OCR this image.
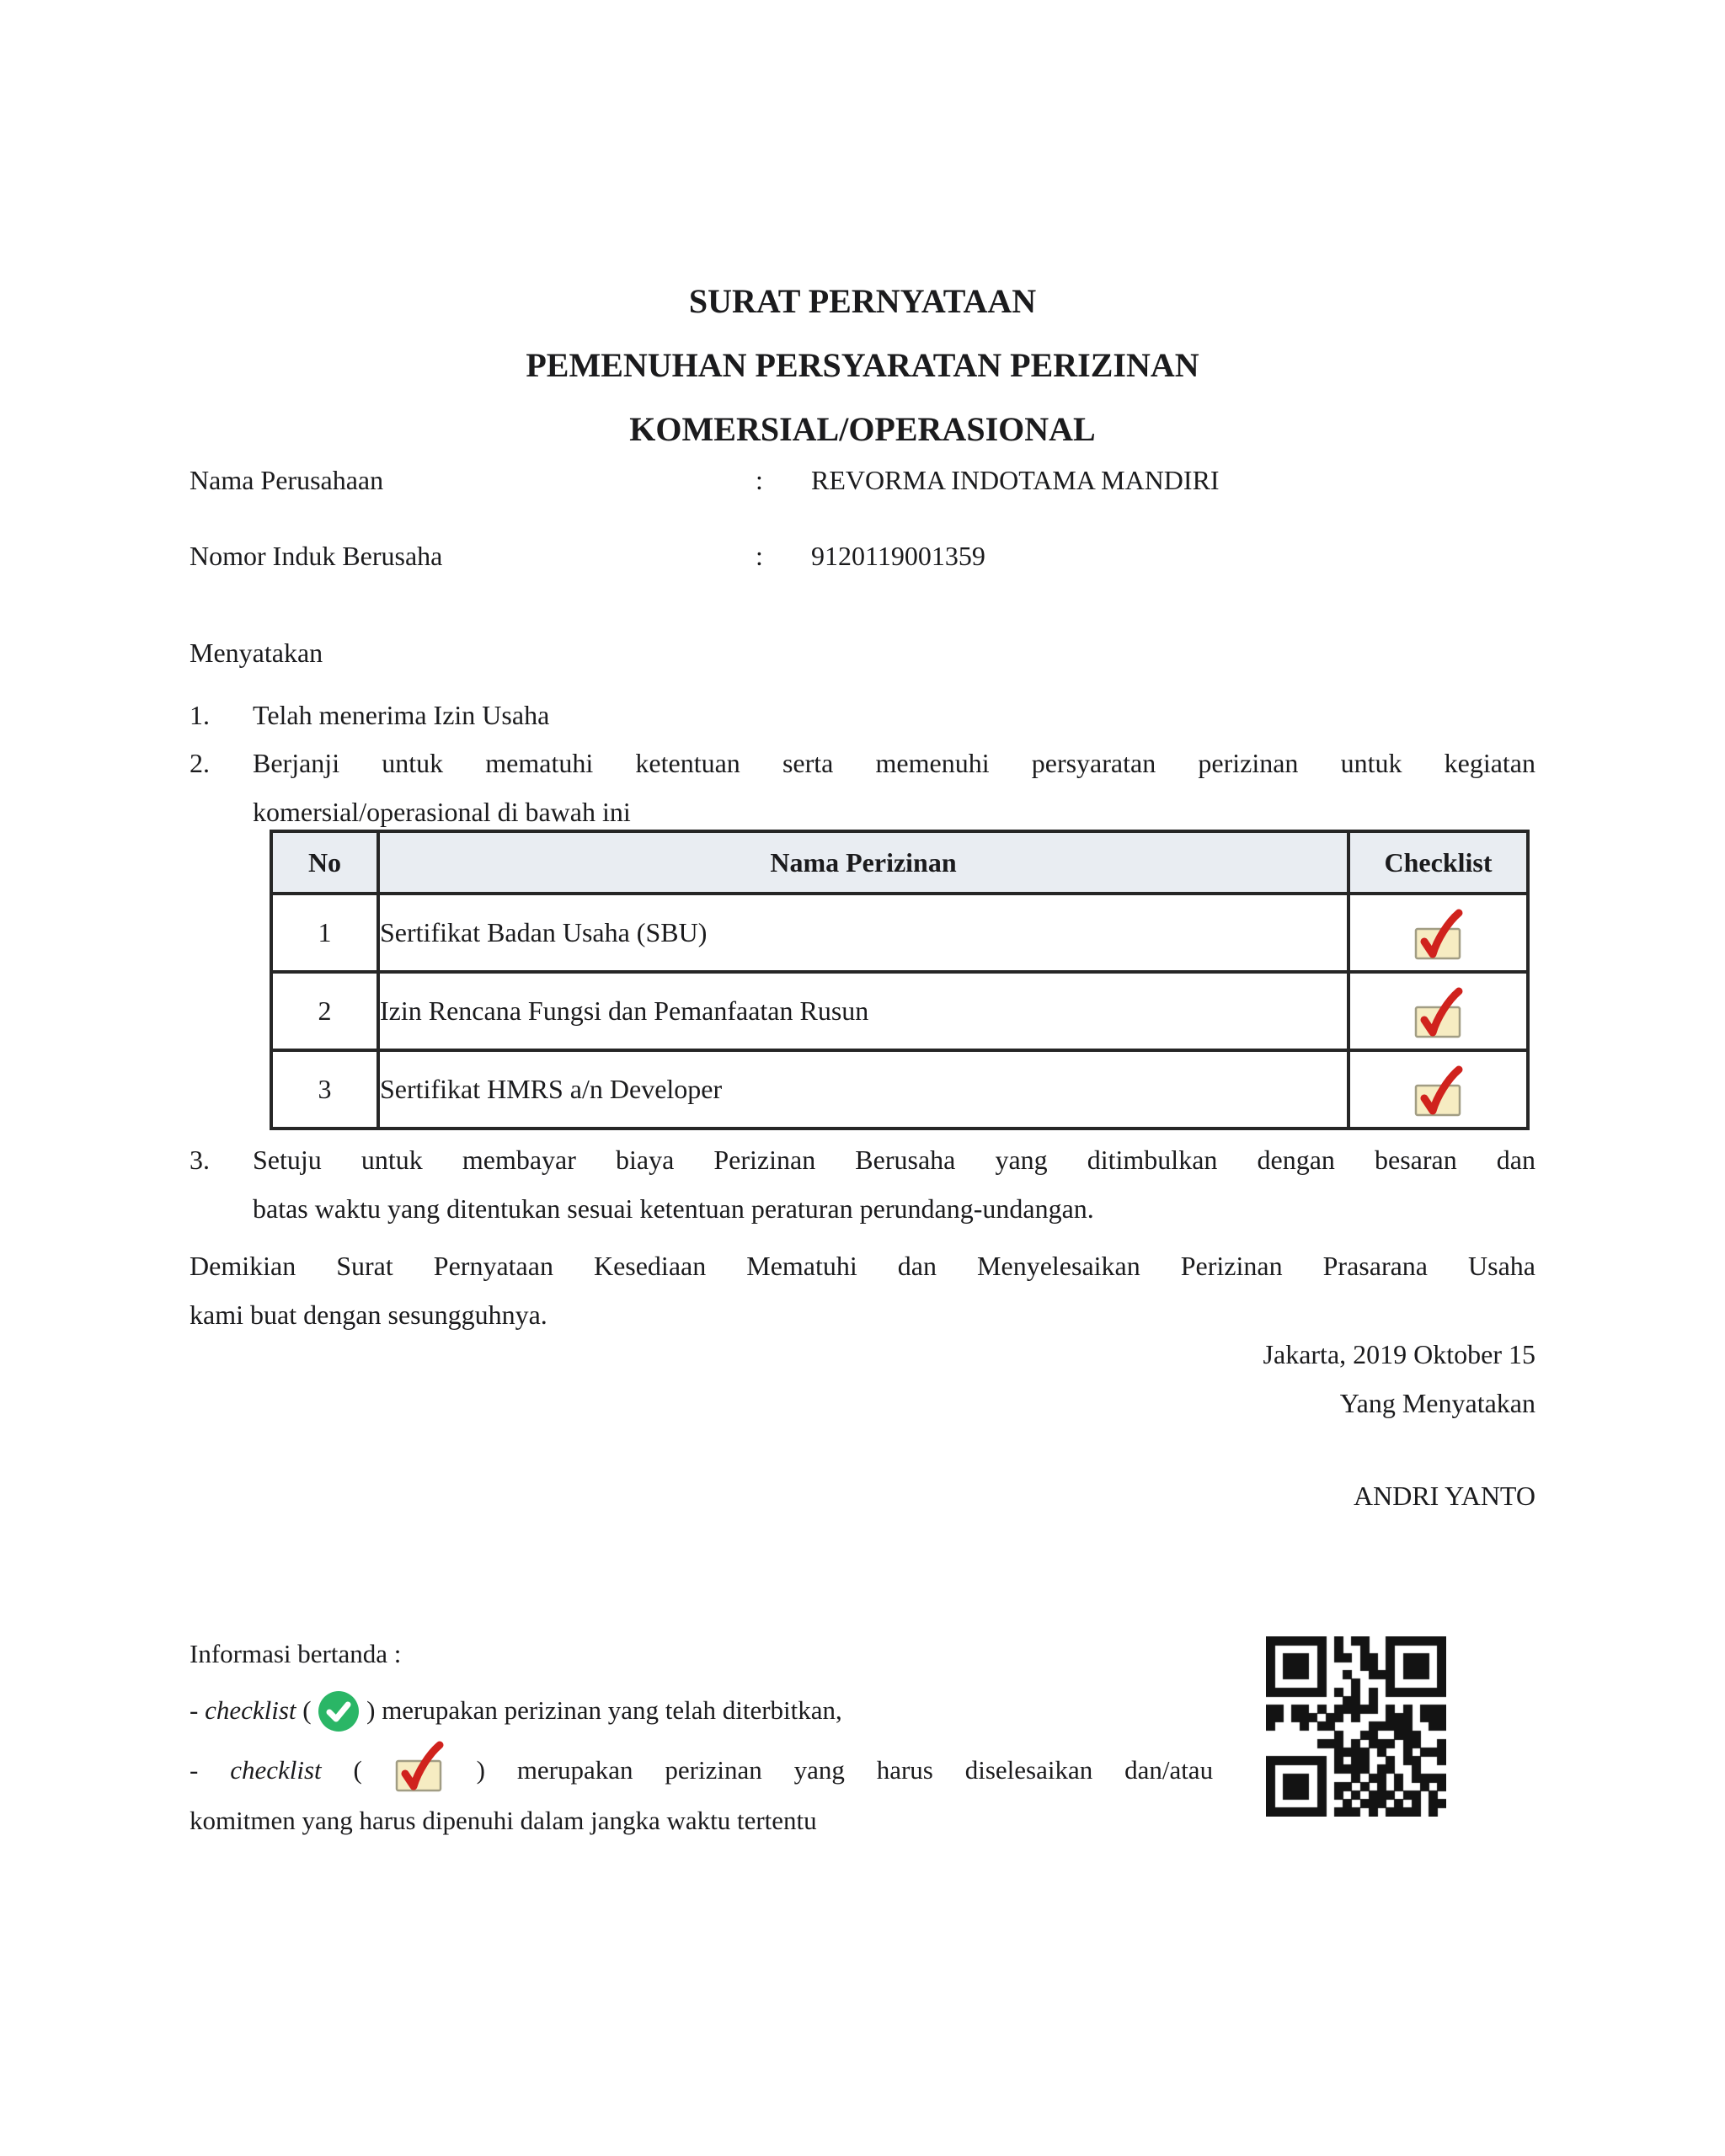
SURAT PERNYATAAN
PEMENUHAN PERSYARATAN PERIZINAN
KOMERSIAL/OPERASIONAL
Nama Perusahaan	:	REVORMA INDOTAMA MANDIRI
Nomor Induk Berusaha	:	9120119001359
Menyatakan
1.	Telah menerima Izin Usaha
2.	Berjanji untuk mematuhi ketentuan serta memenuhi persyaratan perizinan untuk kegiatan
komersial/operasional di bawah ini
No	Nama Perizinan	Checklist
1	Sertifikat Badan Usaha (SBU)	
2	Izin Rencana Fungsi dan Pemanfaatan Rusun	
3	Sertifikat HMRS a/n Developer	
3.	Setuju untuk membayar biaya Perizinan Berusaha yang ditimbulkan dengan besaran dan
batas waktu yang ditentukan sesuai ketentuan peraturan perundang-undangan.
Demikian Surat Pernyataan Kesediaan Mematuhi dan Menyelesaikan Perizinan Prasarana Usaha
kami buat dengan sesungguhnya.
Jakarta, 2019 Oktober 15
Yang Menyatakan
ANDRI YANTO
Informasi bertanda :
- checklist ( ) merupakan perizinan yang telah diterbitkan,
- checklist (	) merupakan perizinan yang harus diselesaikan dan/atau
komitmen yang harus dipenuhi dalam jangka waktu tertentu
